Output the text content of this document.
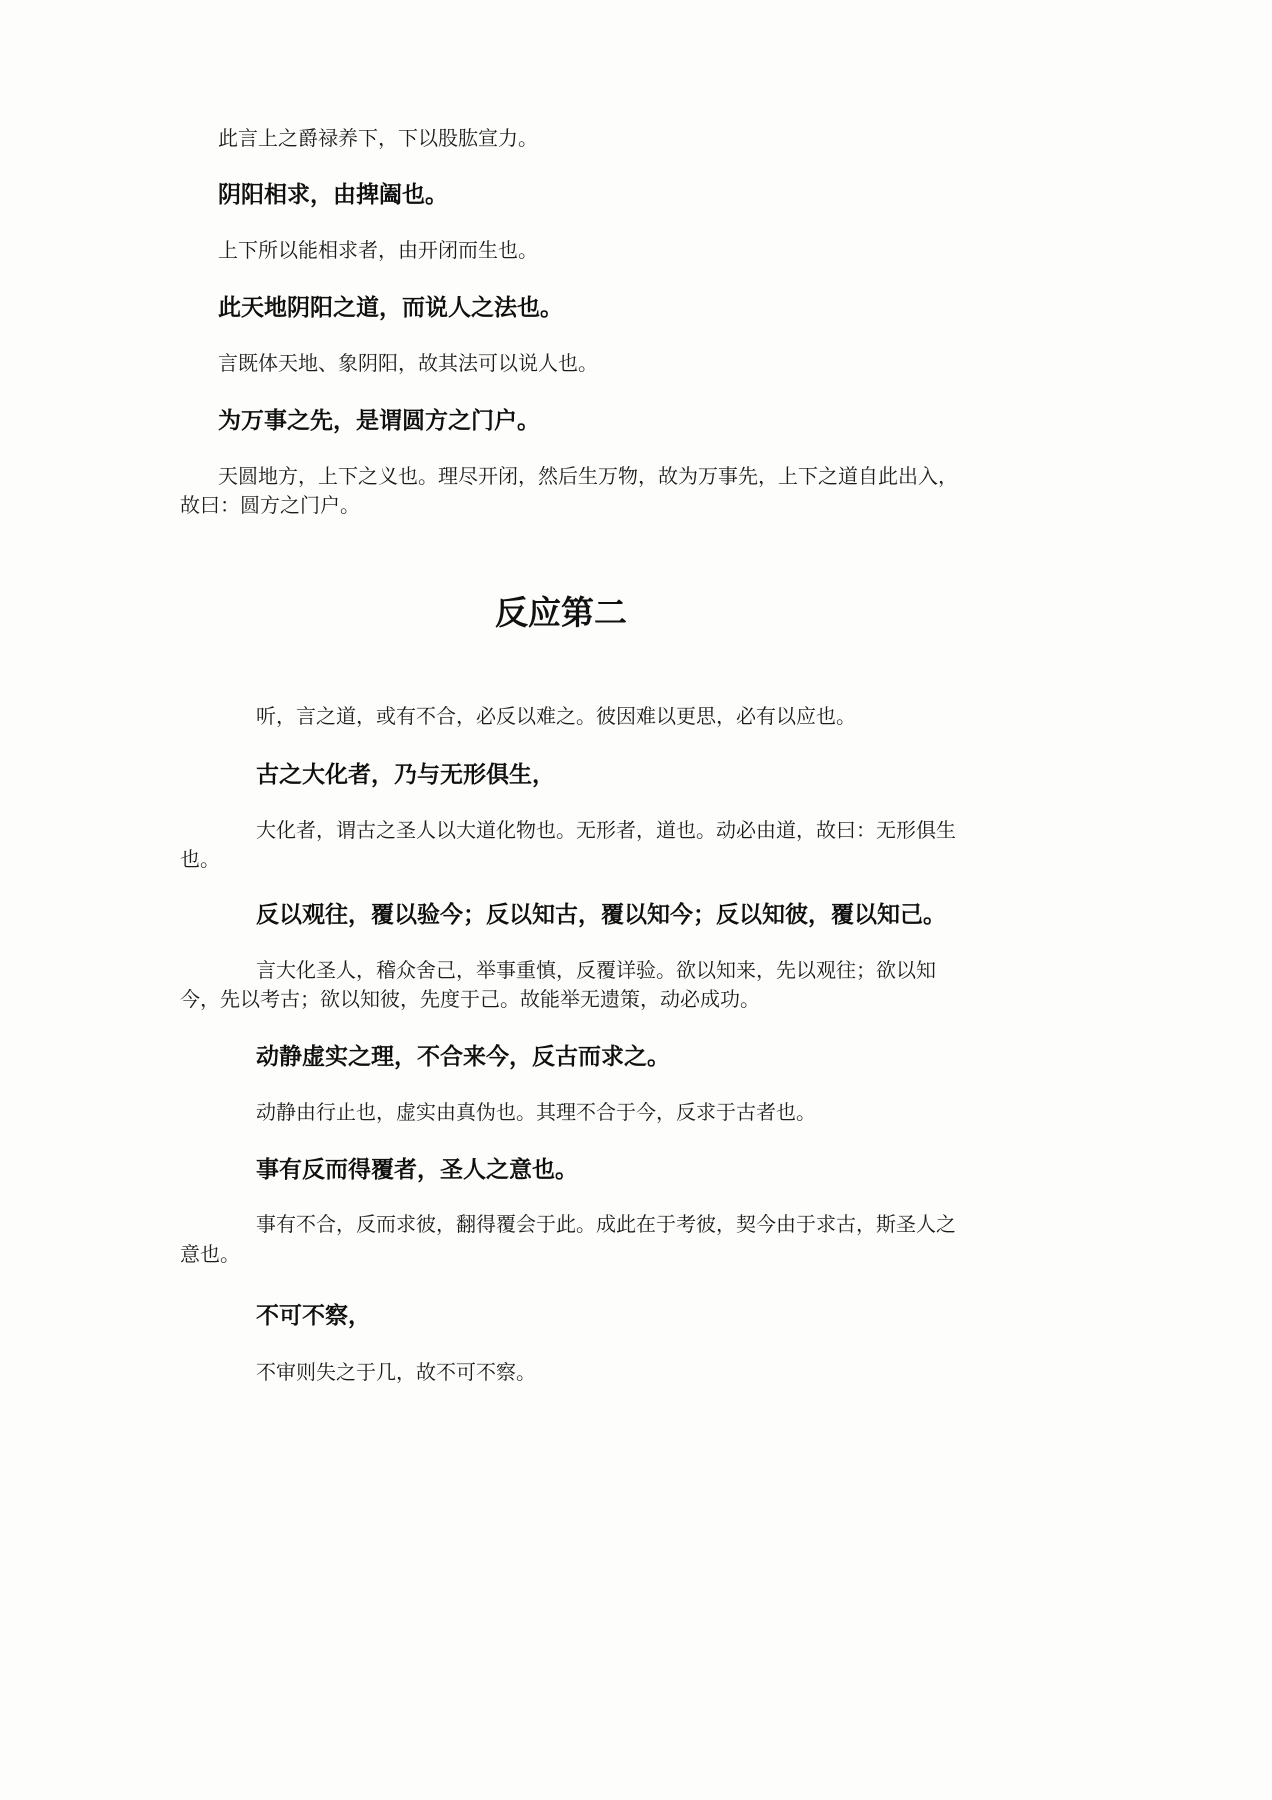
此言上之爵禄养下，下以股肱宣力。
阴阳相求，由捭阖也。
上下所以能相求者，由开闭而生也。
此天地阴阳之道，而说人之法也。
言既体天地、象阴阳，故其法可以说人也。
为万事之先，是谓圆方之门户。
天圆地方，上下之义也。理尽开闭，然后生万物，故为万事先，上下之道自此出入，
故曰：圆方之门户。
反应第二
听，言之道，或有不合，必反以难之。彼因难以更思，必有以应也。
古之大化者，乃与无形俱生，
大化者，谓古之圣人以大道化物也。无形者，道也。动必由道，故曰：无形俱生
也。
反以观往，覆以验今；反以知古，覆以知今；反以知彼，覆以知己。
言大化圣人，稽众舍己，举事重慎，反覆详验。欲以知来，先以观往；欲以知
今，先以考古；欲以知彼，先度于己。故能举无遗策，动必成功。
动静虚实之理，不合来今，反古而求之。
动静由行止也，虚实由真伪也。其理不合于今，反求于古者也。
事有反而得覆者，圣人之意也。
事有不合，反而求彼，翻得覆会于此。成此在于考彼，契今由于求古，斯圣人之
意也。
不可不察，
不审则失之于几，故不可不察。
